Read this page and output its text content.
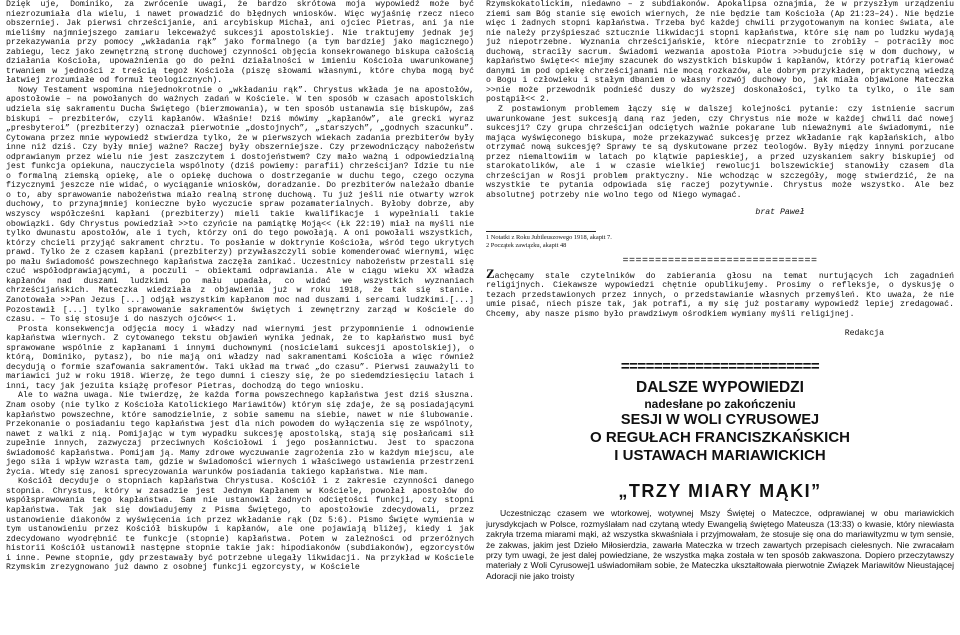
Dzięk uje, Dominiko, za zwrócenie uwagi, że bardzo skrótowa moja wypowiedź może być niezrozumiała dla wielu, i nawet prowadzić do błędnych wniosków. Więc wyjaśnię rzecz nieco obszerniej. Jak pierwsi chrześcijanie, ani arcybiskup Michał, ani ojciec Pietras, ani ja nie mieliśmy najmniejszego zamiaru lekceważyć sukcesji apostolskiej. Nie traktujemy jednak jej przekazywania przy pomocy „wkładania rąk” jako formalnego (a tym bardziej jako magicznego) zabiegu, lecz jako zewnętrzną stronę duchowej czynności objęcia konsekrowanego biskupa całością działania Kościoła, upoważnienia go do pełni działalności w imieniu Kościoła uwarunkowanej trwaniem w jedności z treścią tegoż Kościoła (piszę słowami własnymi, które chyba mogą być łatwiej zrozumiałe od formuł teologicznych).

Nowy Testament wspomina niejednokrotnie o „wkładaniu rąk”. Chrystus wkłada je na apostołów, apostołowie – na powołanych do ważnych zadań w Kościele. W ten sposób w czasach apostolskich udziela się sakramentu Ducha Świętego (bierzmowania), w ten sposób ustanawia się biskupów, zaś biskupi – prezbiterów, czyli kapłanów. Właśnie! Dziś mówimy „kapłanów”, ale grecki wyraz „presbyteroi” (prezbiterzy) oznaczał pierwotnie „dostojnych”, „starszych”, „godnych szacunku”. Cytowana przez mnie wypowiedź stwierdza tylko, że w pierwszych wiekach zadania prezbiterów były inne niż dziś. Czy były mniej ważne? Raczej były obszerniejsze. Czy przewodniczący nabożeństw odprawianym przez wielu nie jest zaszczytem i dostojeństwem? Czy mało ważną i odpowiedzialną jest funkcja opiekuna, nauczyciela wspólnoty (dziś powiemy: parafii) chrześcijan? Idzie tu nie o formalną ziemską opiekę, ale o opiekę duchowa o dostrzeganie w duchu tego, czego oczyma fizycznymi jeszcze nie widać, o wyciąganie wniosków, doradzanie. Do prezbiterów należało dbanie o to, aby sprawowanie nabożeństwa miało realną stronę duchową. Tu już jeśli nie otwarty wzrok duchowy, to przynajmniej konieczne było wyczucie spraw pozamaterialnych. Byłoby dobrze, aby wszyscy współcześni kapłani (prezbiterzy) mieli takie kwalifikacje i wypełniali takie obowiązki. Gdy Chrystus powiedział >>to czyńcie na pamiątkę Moją<< (Łk 22:19) miał na myśli nie tylko dwunastu apostołów, ale i tych, którzy oni do tego powołają. A oni powołali wszystkich, którzy chcieli przyjąć sakrament chrztu. To posłanie w doktrynie Kościoła, wśród tego ukrytych prawd. Tylko że z czasem kapłani (prezbiterzy) przywłaszczyli sobie komenderować wiernymi, więc po mału świadomość powszechnego kapłaństwa zaczęła zanikać. Uczestnicy nabożeństw przestali się czuć współodprawiającymi, a poczuli – obiektami odprawiania. Ale w ciągu wieku XX władza kapłanów nad duszami ludzkimi po mału upadała, co widać we wszystkich wyznaniach chrześcijańskich. Mateczka wiedziała z objawienia już w roku 1918, że tak się stanie. Zanotowała >>Pan Jezus [...] odjął wszystkim kapłanom moc nad duszami i sercami ludzkimi.[...] Pozostawił [...] tylko sprawowanie sakramentów świętych i zewnętrzny zarząd w Kościele do czasu. – To się stosuje i do naszych ojców<< 1.

Prosta konsekwencja odjęcia mocy i władzy nad wiernymi jest przypomnienie i odnowienie kapłaństwa wiernych. Z cytowanego tekstu objawień wynika jednak, że to kapłaństwo musi być sprawowane wspólnie z kapłanami i innymi duchownymi (nosicielami sukcesji apostolskiej), o którą, Dominiko, pytasz), bo nie mają oni władzy nad sakramentami Kościoła a więc również decydują o formie szafowania sakramentów. Taki układ ma trwać „do czasu”. Pierwsi zauważyli to mariawici już w roku 1918. Wierzę, że tego dumni i cieszy się, że po siedemdziesięciu latach i inni, tacy jak jezuita książę profesor Pietras, dochodzą do tego wniosku.

Ale to ważna uwaga. Nie twierdzę, że każda forma powszechnego kapłaństwa jest dziś słuszna. Znam osoby (nie tylko z Kościoła Katolickiego Mariawitów) którym się zdaje, że są posiadającymi kapłaństwo powszechne, które samodzielnie, z sobie samemu na siebie, nawet w nie ślubowanie. Przekonanie o posiadaniu tego kapłaństwa jest dla nich powodem do wyłączenia się ze wspólnoty, nawet z walki z nią. Pomijając w tym wypadku sukcesję apostolską, stają się posłańcami sił zupełnie innych, zazwyczaj przeciwnych Kościołowi i jego posłannictwu. Jest to spaczona świadomość kapłaństwa. Pomijam ją. Mamy zdrowe wyczuwanie zagrożenia zło w każdym miejscu, ale jego siła i wpływ wzrasta tam, gdzie w świadomości wiernych i właściwego ustawienia przestrzeni życia. Wtedy się zanosi sprecyzowania warunków posiadania takiego kapłaństwa. Nie mam.

Kościół decyduje o stopniach kapłaństwa Chrystusa. Kościół i z zakresie czynności danego stopnia. Chrystus, który w zasadzie jest Jednym Kapłanem w Kościele, powołał apostołów do współsprawowania tego kapłaństwa. Sam nie ustanowił żadnych odciętości funkcji, czy stopni kapłaństwa. Tak jak się dowiadujemy z Pisma Świętego, to apostołowie zdecydowali, przez ustanowienie diakonów z wyświęcenia ich przez wkładanie rąk (Dz 5:6). Pismo Święte wymienia w tym ustanowieniu przez Kościół biskupów i kapłanów, ale one pojawiają bliżej, kiedy i jak zdecydowano wyodrębnić te funkcje (stopnie) kapłaństwa. Potem w zależności od przeróżnych historii Kościół ustanowił następne stopnie takie jak: hipodiakonów (subdiakonów), egzorcystów i inne. Pewne stopnie, gdy przestawały być potrzebne ulegały likwidacji. Na przykład w Kościele Rzymskim zrezygnowano już dawno z osobnej funkcji egzorcysty, w Kościele

Rzymskokatolickim, niedawno – z subdiakonów. Apokalipsa oznajmia, że w przyszłym urządzeniu ziemi sam Bóg stanie się ewoich wiernych, że nie będzie tam Kościoła (Ap 21:23–24). Nie będzie więc i żadnych stopni kapłaństwa. Trzeba być każdej chwili przygotowanym na koniec świata, ale nie należy przyśpieszać sztucznie likwidacji stopni kapłaństwa, które się nam po ludzku wydają już niepotrzebne. Wyznania chrześcijańskie, które niecpatrznie to zrobiły – potraciły moc duchową, straciły sacrum. Świadomi wezwania apostoła Piotra >>budujcie się w dom duchowy, w kapłaństwo święte<< miejmy szacunek do wszystkich biskupów i kapłanów, którzy potrafią kierować danymi im pod opiekę chrześcijanami nie mocą rozkazów, ale dobrym przykładem, praktyczną wiedzą o Bogu i człowieku i stałym dbaniem o własny rozwój duchowy bo, jak miała objawione Mateczka >>nie może przewodnik podnieść duszy do wyższej doskonałości, tylko ta tylko, o ile sam postąpił<< 2.

Z postawionym problemem łączy się w dalszej kolejności pytanie: czy istnienie sacrum uwarunkowane jest sukcesją daną raz jeden, czy Chrystus nie może w każdej chwili dać nowej sukcesji? Czy grupa chrześcijan odciętych ważnie pokarane lub nieważnymi ale świadomymi, nie mająca wyświęconego biskupa, może przekazywać sukcesję przez wkładanie rąk kapłańskich, albo otrzymać nową sukcesję? Sprawy te są dyskutowane przez teologów. Były między innymi porzucane przez niemaltowiim w latach po klątwie papieskiej, a przed uzyskaniem sakry biskupiej od starokatolików, ale i w czasie wielkiej rewolucji bolszewickiej stanowiły czasem dla chrześcijan w Rosji problem praktyczny. Nie wchodząc w szczegóły, mogę stwierdzić, że na wszystkie te pytania odpowiada się raczej pozytywnie. Chrystus może wszystko. Ale bez absolutnej potrzeby nie wolno tego od Niego wymagać.

brat Paweł

1 Notatki z Roku Jubileuszowego 1918, akapit 7.

2 Początek zawiązku, akapit 48

==============================

Zachęcamy stale czytelników do zabierania głosu na temat nurtujących ich zagadnień religijnych. Ciekawsze wypowiedzi chętnie opublikujemy. Prosimy o refleksje, o dyskusję o tezach przedstawionych przez innych, o przedstawianie własnych przemyśleń. Kto uważa, że nie umie pisać, niech pisze tak, jak potrafi, a my się już postaramy wypowiedź lepiej zredagować. Chcemy, aby nasze pismo było prawdziwym ośrodkiem wymiany myśli religijnej.

Redakcja
========================

DALSZE WYPOWIEDZI

nadesłane po zakończeniu

SESJI W WOLI CYRUSOWEJ

O REGUŁACH FRANCISZKAŃSKICH

I USTAWACH MARIAWICKICH

„TRZY MIARY MĄKI”

Uczestnicząc czasem we wtorkowej, wotywnej Mszy Świętej o Mateczce, odprawianej w obu mariawickich jurysdykcjach w Polsce, rozmyślałam nad czytaną wtedy Ewangelią świętego Mateusza (13:33) o kwasie, który niewiasta zakryła trzema miarami mąki, aż wszystka skwaśniała i przyjmowałam, że stosuje się ona do mariawityzmu w tym sensie, że zakwas, jakim jest Dzieło Miłosierdzia, zawarła Mateczka w trzech zawartych przepisach cielesnych. Nie zwracałam przy tym uwagi, że jest dalej powiedziane, że wszystka mąka została w ten sposób zakwaszona. Dopiero przeczytawszy materiały z Woli Cyrusowej1 uświadomiłam sobie, że Mateczka ukształtowała pierwotnie Związek Mariawitów Nieustającej Adoracji nie jako troisty
